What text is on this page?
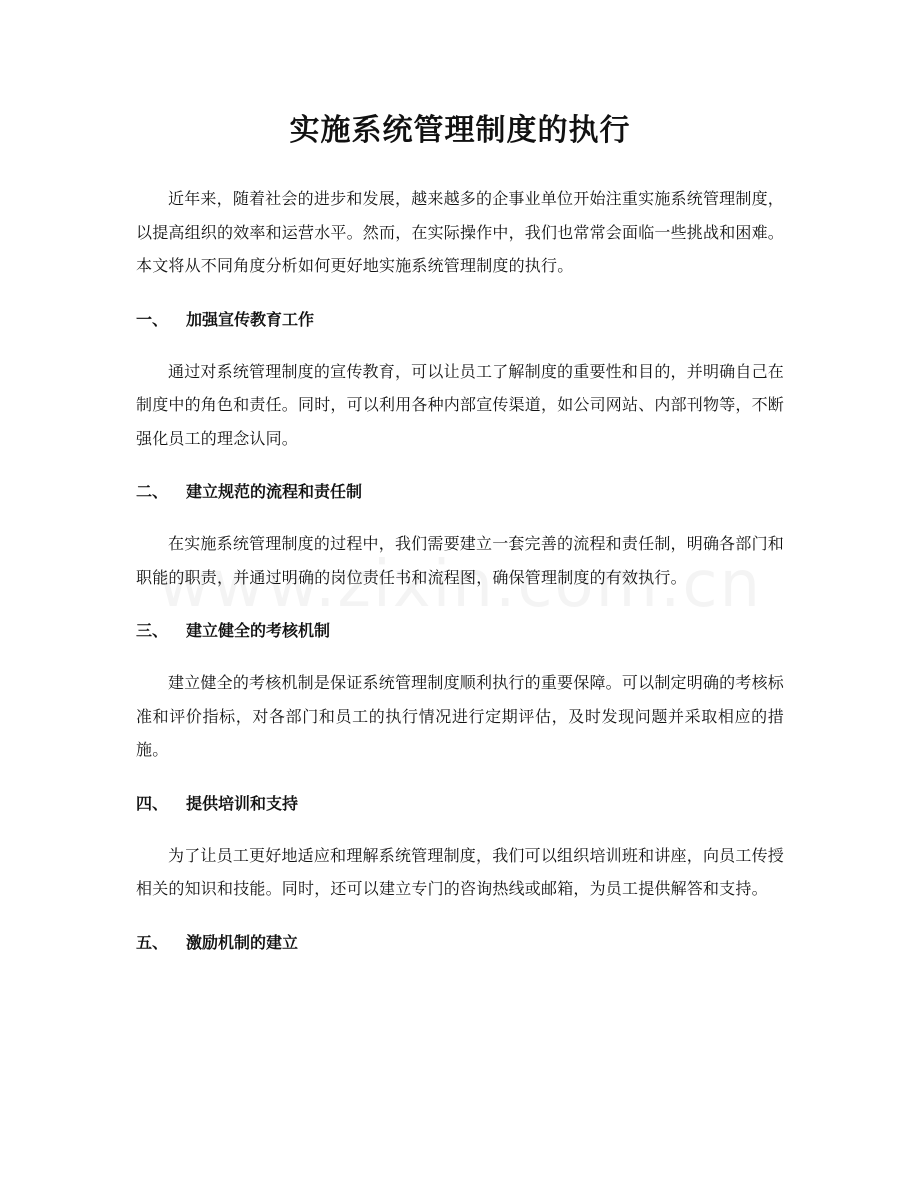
实施系统管理制度的执行

近年来，随着社会的进步和发展，越来越多的企事业单位开始注重实施系统管理制度，以提高组织的效率和运营水平。然而，在实际操作中，我们也常常会面临一些挑战和困难。本文将从不同角度分析如何更好地实施系统管理制度的执行。

一、	加强宣传教育工作

通过对系统管理制度的宣传教育，可以让员工了解制度的重要性和目的，并明确自己在制度中的角色和责任。同时，可以利用各种内部宣传渠道，如公司网站、内部刊物等，不断强化员工的理念认同。

二、	建立规范的流程和责任制

在实施系统管理制度的过程中，我们需要建立一套完善的流程和责任制，明确各部门和职能的职责，并通过明确的岗位责任书和流程图，确保管理制度的有效执行。

三、	建立健全的考核机制

建立健全的考核机制是保证系统管理制度顺利执行的重要保障。可以制定明确的考核标准和评价指标，对各部门和员工的执行情况进行定期评估，及时发现问题并采取相应的措施。

四、	提供培训和支持

为了让员工更好地适应和理解系统管理制度，我们可以组织培训班和讲座，向员工传授相关的知识和技能。同时，还可以建立专门的咨询热线或邮箱，为员工提供解答和支持。

五、	激励机制的建立
